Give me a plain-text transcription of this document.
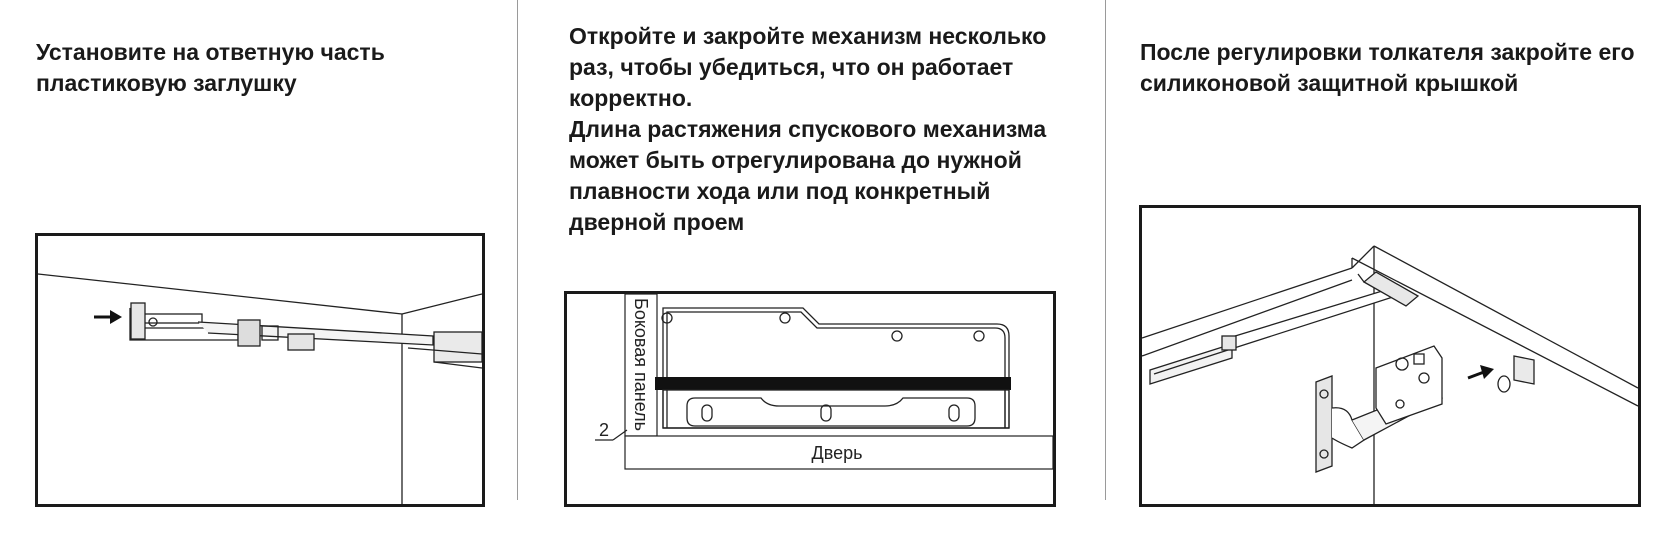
Установите на ответную часть пластиковую заглушку

Откройте и закройте механизм несколько раз, чтобы убедиться, что он работает корректно.

Длина растяжения спускового механизма может быть отрегулирована до нужной плавности хода или под конкретный дверной проем

Боковая панель
Дверь
2

После регулировки толкателя закройте его силиконовой защитной крышкой
